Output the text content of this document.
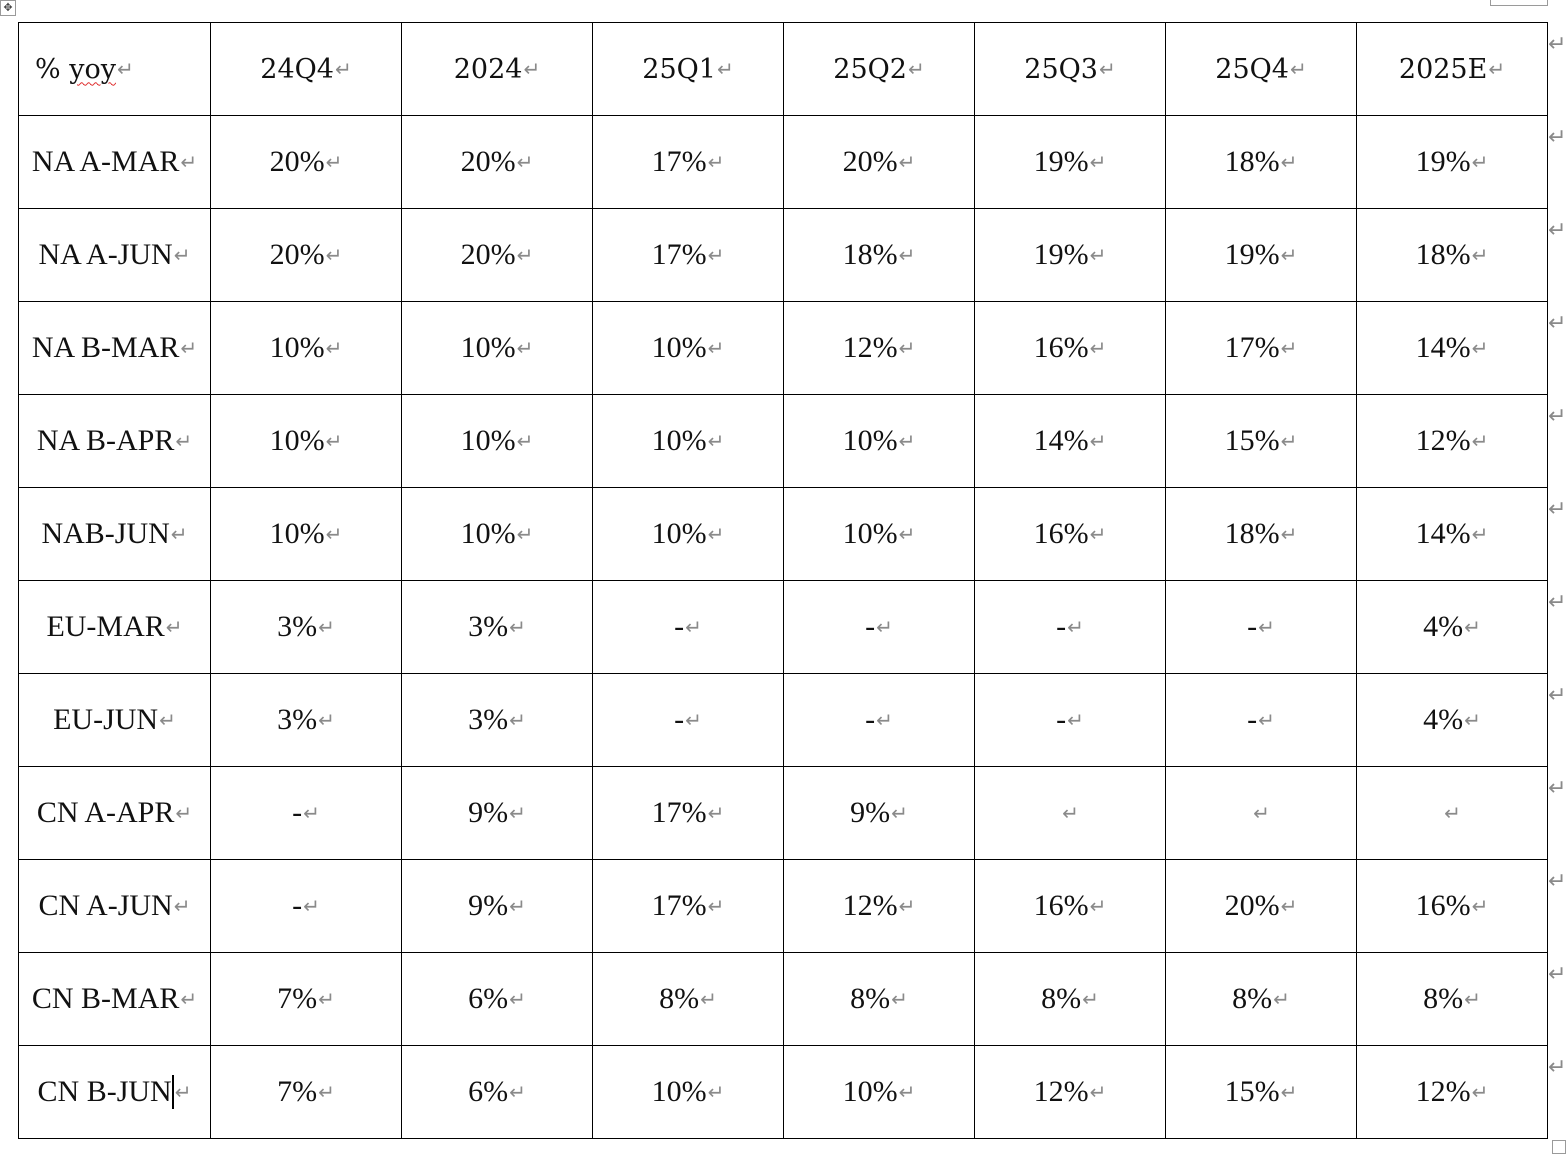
✥
% yoy↵	24Q4↵	2024↵	25Q1↵	25Q2↵	25Q3↵	25Q4↵	2025E↵
NA A-MAR↵	20%↵	20%↵	17%↵	20%↵	19%↵	18%↵	19%↵
NA A-JUN↵	20%↵	20%↵	17%↵	18%↵	19%↵	19%↵	18%↵
NA B-MAR↵	10%↵	10%↵	10%↵	12%↵	16%↵	17%↵	14%↵
NA B-APR↵	10%↵	10%↵	10%↵	10%↵	14%↵	15%↵	12%↵
NAB-JUN↵	10%↵	10%↵	10%↵	10%↵	16%↵	18%↵	14%↵
EU-MAR↵	3%↵	3%↵	-↵	-↵	-↵	-↵	4%↵
EU-JUN↵	3%↵	3%↵	-↵	-↵	-↵	-↵	4%↵
CN A-APR↵	-↵	9%↵	17%↵	9%↵	↵	↵	↵
CN A-JUN↵	-↵	9%↵	17%↵	12%↵	16%↵	20%↵	16%↵
CN B-MAR↵	7%↵	6%↵	8%↵	8%↵	8%↵	8%↵	8%↵
CN B-JUN ↵	7%↵	6%↵	10%↵	10%↵	12%↵	15%↵	12%↵
↵
↵
↵
↵
↵
↵
↵
↵
↵
↵
↵
↵
